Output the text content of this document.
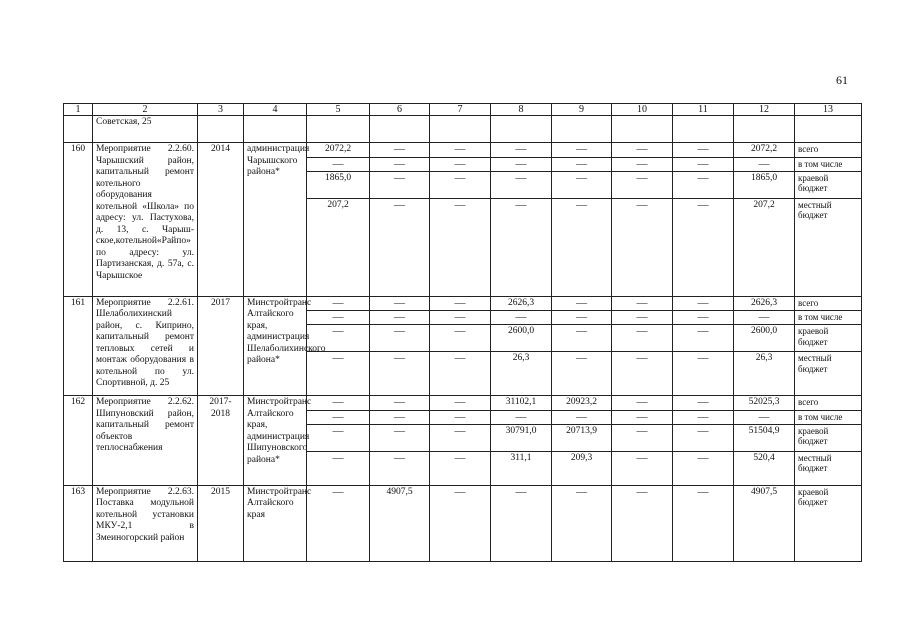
61
1	2	3	4	5	6	7	8	9	10	11	12	13
	Советская, 25											
160	Мероприятие 2.2.60. Чарышский район, капитальный ремонт котельного оборудования котельной «Школа» по адресу: ул. Пастухова, д. 13, с. Чарыш-ское,котельной«Райпо» по адресу: ул. Партизанская, д. 57а, с. Чарышское	2014	администрация Чарышского района*	2072,2	—	—	—	—	—	—	2072,2	всего
				—	—	—	—	—	—	—	—	в том числе
				1865,0	—	—	—	—	—	—	1865,0	краевой бюджет
				207,2	—	—	—	—	—	—	207,2	местный бюджет
161	Мероприятие 2.2.61. Шелаболихинский район, с. Киприно, капитальный ремонт тепловых сетей и монтаж оборудования в котельной по ул. Спортивной, д. 25	2017	Минстройтранс Алтайского края, администрация Шелаболихинского района*	—	—	—	2626,3	—	—	—	2626,3	всего
				—	—	—	—	—	—	—	—	в том числе
				—	—	—	2600,0	—	—	—	2600,0	краевой бюджет
				—	—	—	26,3	—	—	—	26,3	местный бюджет
162	Мероприятие 2.2.62. Шипуновский район, капитальный ремонт объектов теплоснабжения	2017-2018	Минстройтранс Алтайского края, администрация Шипуновского района*	—	—	—	31102,1	20923,2	—	—	52025,3	всего
				—	—	—	—	—	—	—	—	в том числе
				—	—	—	30791,0	20713,9	—	—	51504,9	краевой бюджет
				—	—	—	311,1	209,3	—	—	520,4	местный бюджет
163	Мероприятие 2.2.63. Поставка модульной котельной установки МКУ-2,1 в Змеиногорский район	2015	Минстройтранс Алтайского края	—	4907,5	—	—	—	—	—	4907,5	краевой бюджет
